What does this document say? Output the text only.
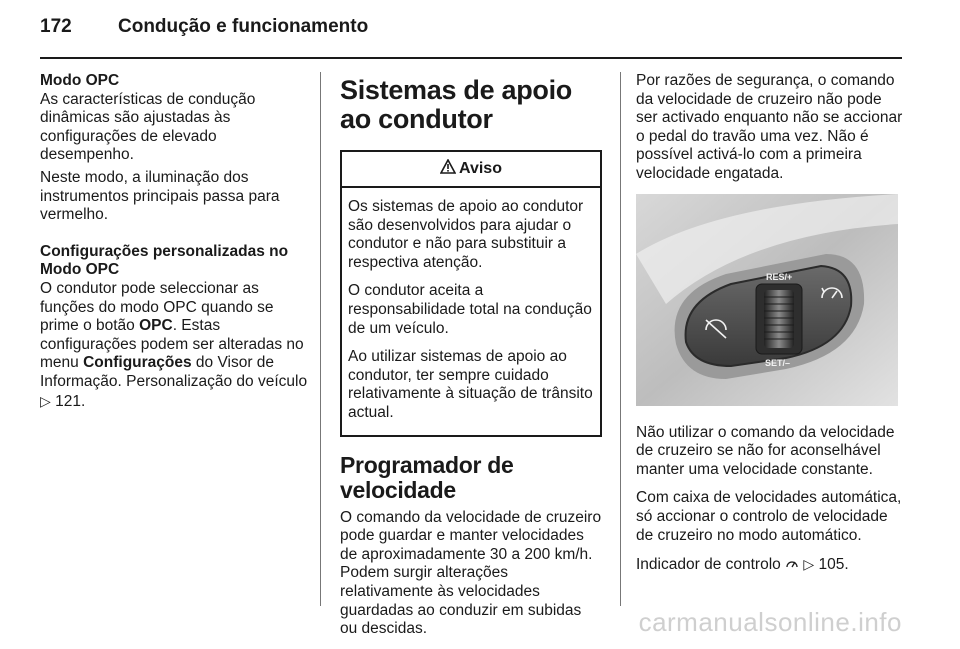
172 Condução e funcionamento

Modo OPC
As características de condução dinâmicas são ajustadas às configurações de elevado desempenho.

Neste modo, a iluminação dos instrumentos principais passa para vermelho.

Configurações personalizadas no Modo OPC
O condutor pode seleccionar as funções do modo OPC quando se prime o botão OPC. Estas configurações podem ser alteradas no menu Configurações do Visor de Informação. Personalização do veículo ▷ 121.

Sistemas de apoio ao condutor
Aviso

Os sistemas de apoio ao condutor são desenvolvidos para ajudar o condutor e não para substituir a respectiva atenção.

O condutor aceita a responsabilidade total na condução de um veículo.

Ao utilizar sistemas de apoio ao condutor, ter sempre cuidado relativamente à situação de trânsito actual.

Programador de velocidade

O comando da velocidade de cruzeiro pode guardar e manter velocidades de aproximadamente 30 a 200 km/h. Podem surgir alterações relativamente às velocidades guardadas ao conduzir em subidas ou descidas.

Por razões de segurança, o comando da velocidade de cruzeiro não pode ser activado enquanto não se accionar o pedal do travão uma vez. Não é possível activá-lo com a primeira velocidade engatada.

RES/+
SET/–

Não utilizar o comando da velocidade de cruzeiro se não for aconselhável manter uma velocidade constante.

Com caixa de velocidades automática, só accionar o controlo de velocidade de cruzeiro no modo automático.

Indicador de controlo  ▷ 105.

carmanualsonline.info
